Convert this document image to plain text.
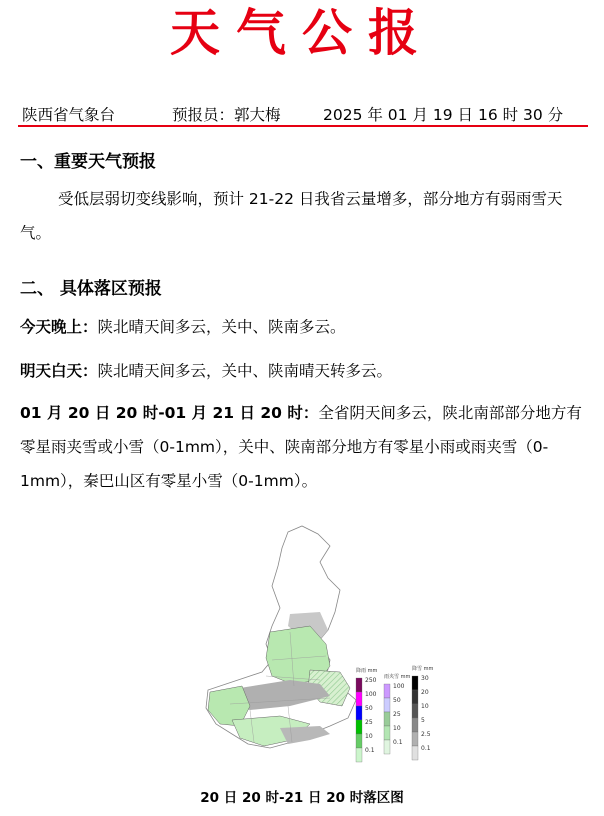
天气公报
陕西省气象台	预报员：郭大梅	2025 年 01 月 19 日 16 时 30 分
一、重要天气预报
受低层弱切变线影响，预计 21-22 日我省云量增多，部分地方有弱雨雪天气。
二、 具体落区预报
今天晚上：陕北晴天间多云，关中、陕南多云。
明天白天：陕北晴天间多云，关中、陕南晴天转多云。
01 月 20 日 20 时-01 月 21 日 20 时：全省阴天间多云，陕北南部部分地方有零星雨夹雪或小雪（0-1mm），关中、陕南部分地方有零星小雨或雨夹雪（0-1mm），秦巴山区有零星小雪（0-1mm）。
降雨 mm
雨夹雪 mm
降雪 mm
250
100
50
25
10
0.1
100
50
25
10
0.1
30
20
10
5
2.5
0.1
20 日 20 时-21 日 20 时落区图
